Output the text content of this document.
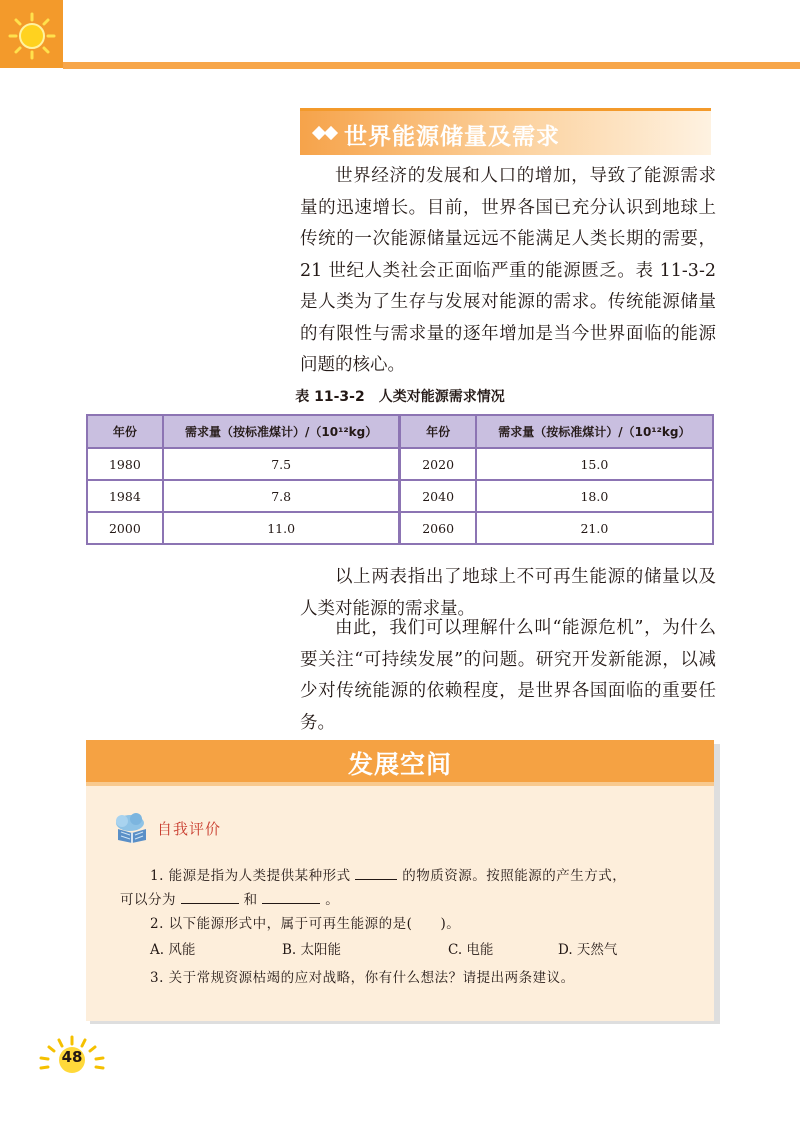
世界能源储量及需求

世界经济的发展和人口的增加，导致了能源需求量的迅速增长。目前，世界各国已充分认识到地球上传统的一次能源储量远远不能满足人类长期的需要，21 世纪人类社会正面临严重的能源匮乏。表 11-3-2 是人类为了生存与发展对能源的需求。传统能源储量的有限性与需求量的逐年增加是当今世界面临的能源问题的核心。

表 11-3-2　人类对能源需求情况
年份	需求量（按标准煤计）/（10¹²kg）	年份	需求量（按标准煤计）/（10¹²kg）
1980	7.5	2020	15.0
1984	7.8	2040	18.0
2000	11.0	2060	21.0

以上两表指出了地球上不可再生能源的储量以及人类对能源的需求量。

由此，我们可以理解什么叫“能源危机”，为什么要关注“可持续发展”的问题。研究开发新能源，以减少对传统能源的依赖程度，是世界各国面临的重要任务。

发展空间
自我评价
1. 能源是指为人类提供某种形式	的物质资源。按照能源的产生方式，
可以分为	和	。
2. 以下能源形式中，属于可再生能源的是(　　)。
A. 风能	B. 太阳能	C. 电能	D. 天然气
3. 关于常规资源枯竭的应对战略，你有什么想法？请提出两条建议。
48
